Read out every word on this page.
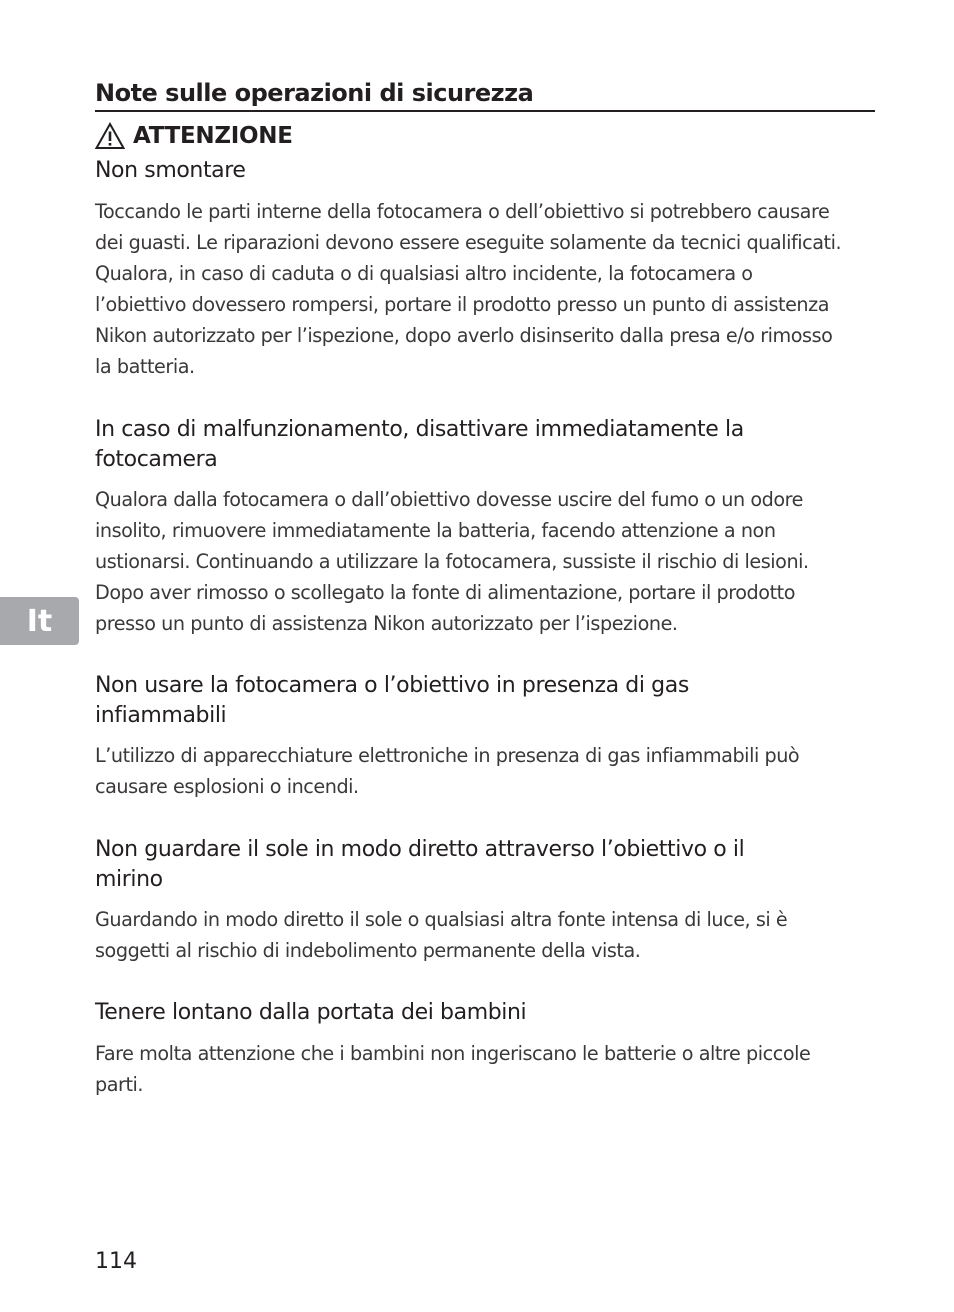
Note sulle operazioni di sicurezza
ATTENZIONE
Non smontare

Toccando le parti interne della fotocamera o dell’obiettivo si potrebbero causare
dei guasti. Le riparazioni devono essere eseguite solamente da tecnici qualificati.
Qualora, in caso di caduta o di qualsiasi altro incidente, la fotocamera o
l’obiettivo dovessero rompersi, portare il prodotto presso un punto di assistenza
Nikon autorizzato per l’ispezione, dopo averlo disinserito dalla presa e/o rimosso
la batteria.

In caso di malfunzionamento, disattivare immediatamente la
fotocamera

Qualora dalla fotocamera o dall’obiettivo dovesse uscire del fumo o un odore
insolito, rimuovere immediatamente la batteria, facendo attenzione a non
ustionarsi. Continuando a utilizzare la fotocamera, sussiste il rischio di lesioni.
Dopo aver rimosso o scollegato la fonte di alimentazione, portare il prodotto
presso un punto di assistenza Nikon autorizzato per l’ispezione.

Non usare la fotocamera o l’obiettivo in presenza di gas
infiammabili

L’utilizzo di apparecchiature elettroniche in presenza di gas infiammabili può
causare esplosioni o incendi.

Non guardare il sole in modo diretto attraverso l’obiettivo o il
mirino

Guardando in modo diretto il sole o qualsiasi altra fonte intensa di luce, si è
soggetti al rischio di indebolimento permanente della vista.

Tenere lontano dalla portata dei bambini

Fare molta attenzione che i bambini non ingeriscano le batterie o altre piccole
parti.

It
114
